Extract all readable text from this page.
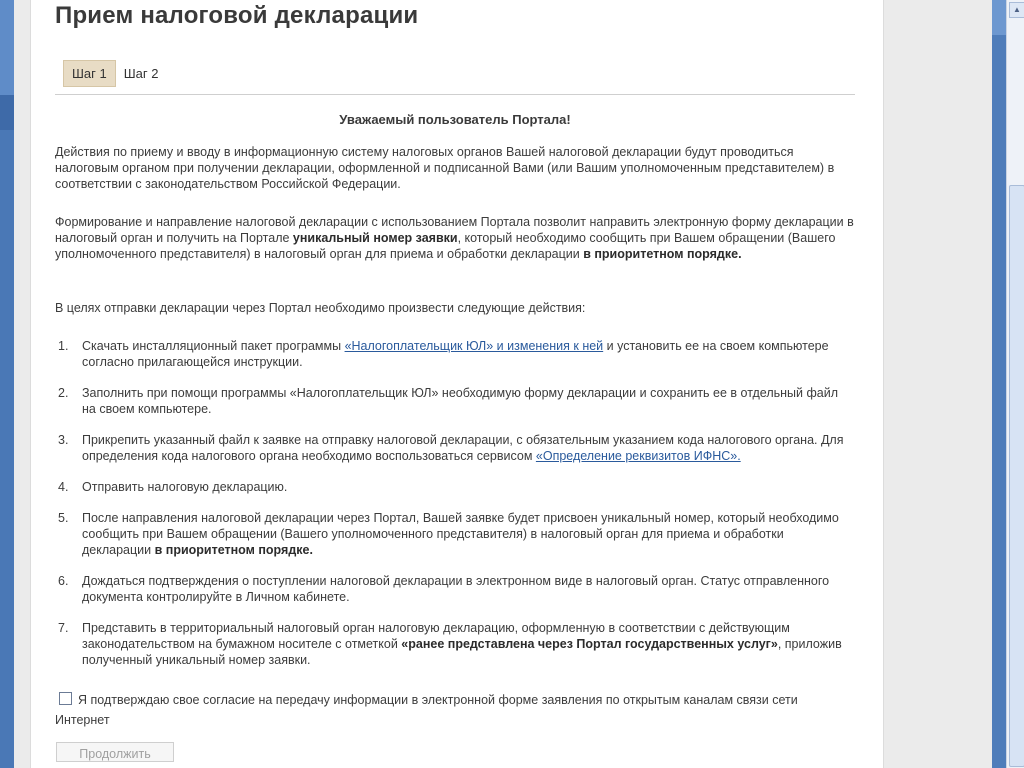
Прием налоговой декларации
Шаг 1	Шаг 2
Уважаемый пользователь Портала!
Действия по приему и вводу в информационную систему налоговых органов Вашей налоговой декларации будут проводиться налоговым органом при получении декларации, оформленной и подписанной Вами (или Вашим уполномоченным представителем) в соответствии с законодательством Российской Федерации.
Формирование и направление налоговой декларации с использованием Портала позволит направить электронную форму декларации в налоговый орган и получить на Портале уникальный номер заявки, который необходимо сообщить при Вашем обращении (Вашего уполномоченного представителя) в налоговый орган для приема и обработки декларации в приоритетном порядке.
В целях отправки декларации через Портал необходимо произвести следующие действия:
1. Скачать инсталляционный пакет программы «Налогоплательщик ЮЛ» и изменения к ней и установить ее на своем компьютере согласно прилагающейся инструкции.
2. Заполнить при помощи программы «Налогоплательщик ЮЛ» необходимую форму декларации и сохранить ее в отдельный файл на своем компьютере.
3. Прикрепить указанный файл к заявке на отправку налоговой декларации, с обязательным указанием кода налогового органа. Для определения кода налогового органа необходимо воспользоваться сервисом «Определение реквизитов ИФНС».
4. Отправить налоговую декларацию.
5. После направления налоговой декларации через Портал, Вашей заявке будет присвоен уникальный номер, который необходимо сообщить при Вашем обращении (Вашего уполномоченного представителя) в налоговый орган для приема и обработки декларации в приоритетном порядке.
6. Дождаться подтверждения о поступлении налоговой декларации в электронном виде в налоговый орган. Статус отправленного документа контролируйте в Личном кабинете.
7. Представить в территориальный налоговый орган налоговую декларацию, оформленную в соответствии с действующим законодательством на бумажном носителе с отметкой «ранее представлена через Портал государственных услуг», приложив полученный уникальный номер заявки.
Я подтверждаю свое согласие на передачу информации в электронной форме заявления по открытым каналам связи сети Интернет
Продолжить
▲
